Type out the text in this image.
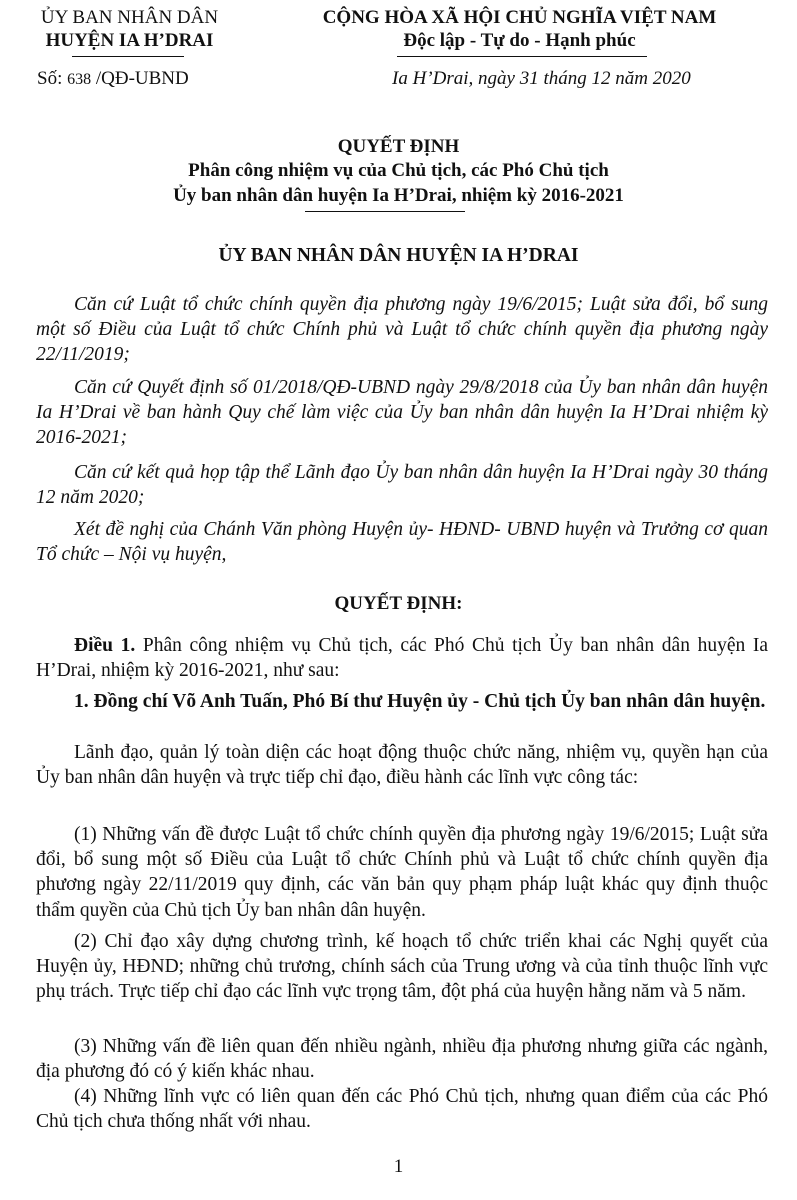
ỦY BAN NHÂN DÂN
HUYỆN IA H’DRAI
CỘNG HÒA XÃ HỘI CHỦ NGHĨA VIỆT NAM
Độc lập - Tự do - Hạnh phúc
Số: 638 /QĐ-UBND	Ia H’Drai, ngày 31 tháng 12 năm 2020
QUYẾT ĐỊNH
Phân công nhiệm vụ của Chủ tịch, các Phó Chủ tịch
Ủy ban nhân dân huyện Ia H’Drai, nhiệm kỳ 2016-2021
ỦY BAN NHÂN DÂN HUYỆN IA H’DRAI
Căn cứ Luật tổ chức chính quyền địa phương ngày 19/6/2015; Luật sửa đổi, bổ sung một số Điều của Luật tổ chức Chính phủ và Luật tổ chức chính quyền địa phương ngày 22/11/2019;
Căn cứ Quyết định số 01/2018/QĐ-UBND ngày 29/8/2018 của Ủy ban nhân dân huyện Ia H’Drai về ban hành Quy chế làm việc của Ủy ban nhân dân huyện Ia H’Drai nhiệm kỳ 2016-2021;
Căn cứ kết quả họp tập thể Lãnh đạo Ủy ban nhân dân huyện Ia H’Drai ngày 30 tháng 12 năm 2020;
Xét đề nghị của Chánh Văn phòng Huyện ủy- HĐND- UBND huyện và Trưởng cơ quan Tổ chức – Nội vụ huyện,
QUYẾT ĐỊNH:
Điều 1. Phân công nhiệm vụ Chủ tịch, các Phó Chủ tịch Ủy ban nhân dân huyện Ia H’Drai, nhiệm kỳ 2016-2021, như sau:
1. Đồng chí Võ Anh Tuấn, Phó Bí thư Huyện ủy - Chủ tịch Ủy ban nhân dân huyện.
Lãnh đạo, quản lý toàn diện các hoạt động thuộc chức năng, nhiệm vụ, quyền hạn của Ủy ban nhân dân huyện và trực tiếp chỉ đạo, điều hành các lĩnh vực công tác:
(1) Những vấn đề được Luật tổ chức chính quyền địa phương ngày 19/6/2015; Luật sửa đổi, bổ sung một số Điều của Luật tổ chức Chính phủ và Luật tổ chức chính quyền địa phương ngày 22/11/2019 quy định, các văn bản quy phạm pháp luật khác quy định thuộc thẩm quyền của Chủ tịch Ủy ban nhân dân huyện.
(2) Chỉ đạo xây dựng chương trình, kế hoạch tổ chức triển khai các Nghị quyết của Huyện ủy, HĐND; những chủ trương, chính sách của Trung ương và của tỉnh thuộc lĩnh vực phụ trách. Trực tiếp chỉ đạo các lĩnh vực trọng tâm, đột phá của huyện hằng năm và 5 năm.
(3) Những vấn đề liên quan đến nhiều ngành, nhiều địa phương nhưng giữa các ngành, địa phương đó có ý kiến khác nhau.
(4) Những lĩnh vực có liên quan đến các Phó Chủ tịch, nhưng quan điểm của các Phó Chủ tịch chưa thống nhất với nhau.
1
